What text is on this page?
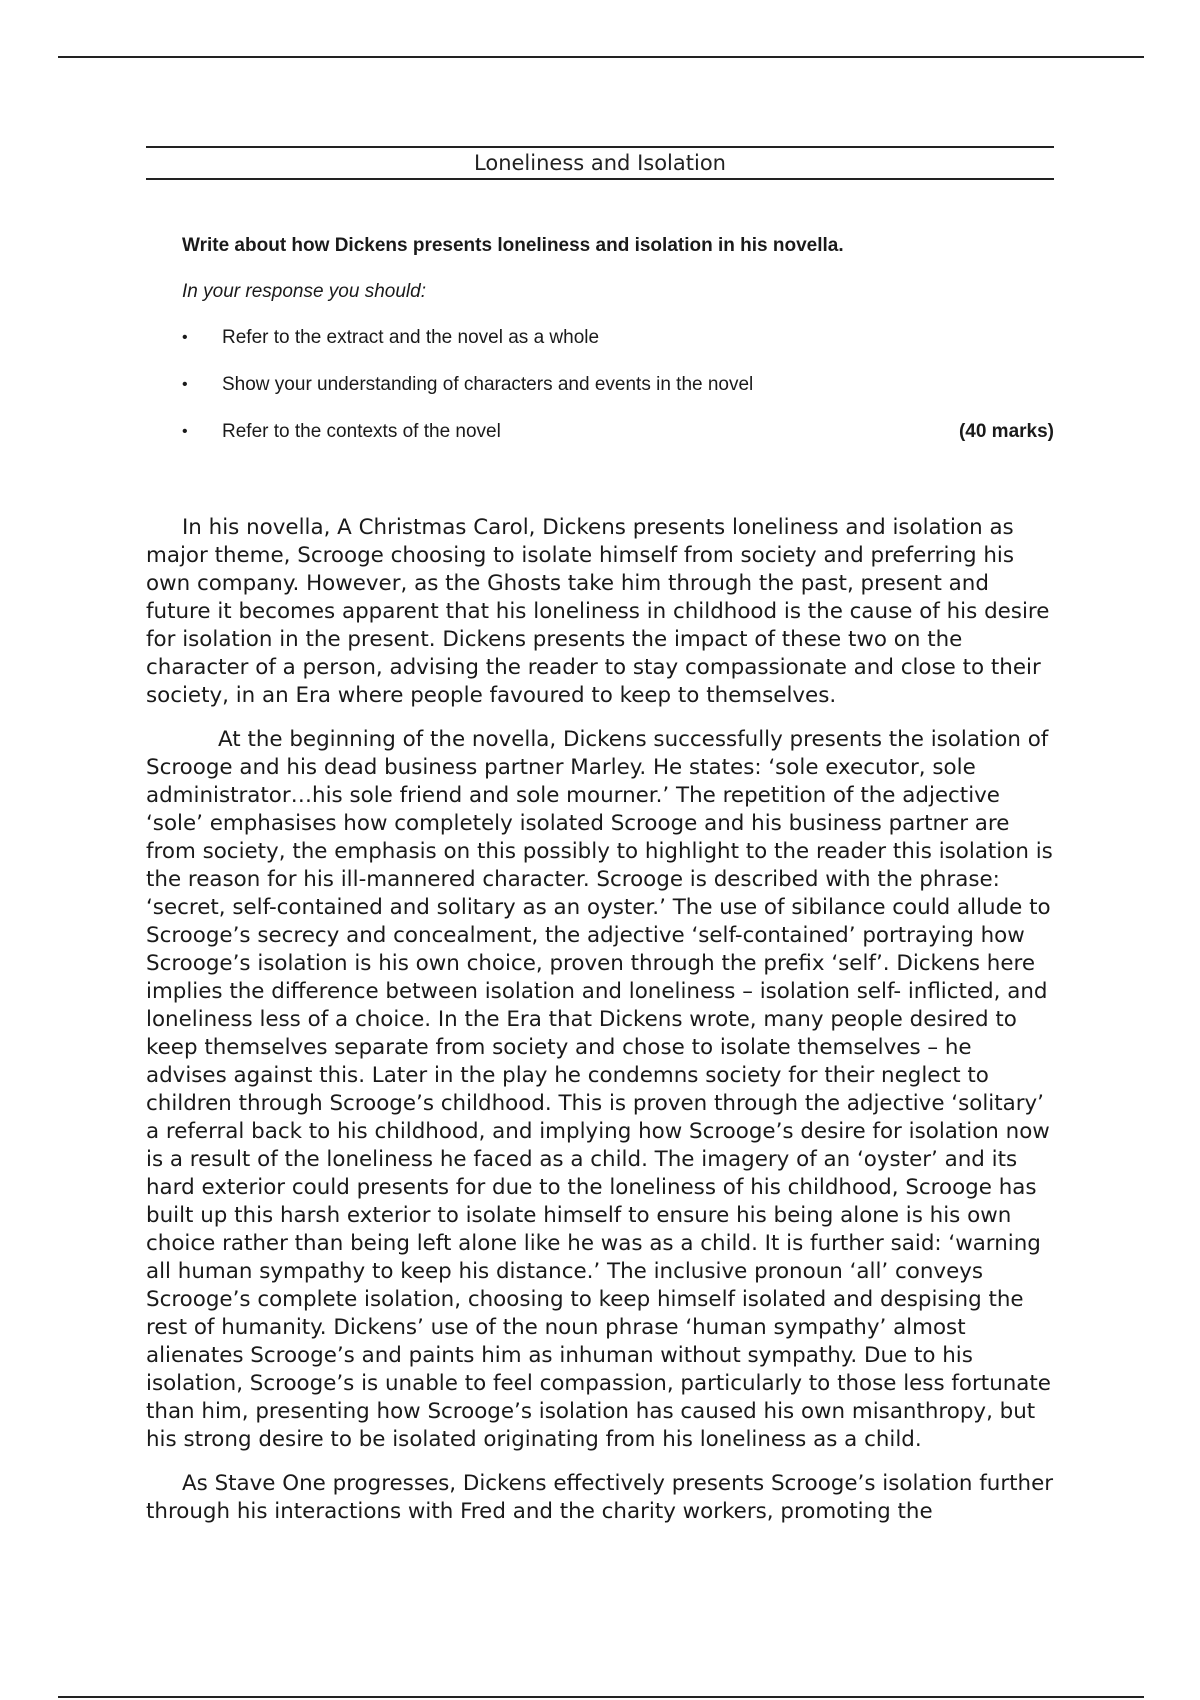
Loneliness and Isolation

Write about how Dickens presents loneliness and isolation in his novella.

In your response you should:

• Refer to the extract and the novel as a whole
• Show your understanding of characters and events in the novel
• Refer to the contexts of the novel	(40 marks)

In his novella, A Christmas Carol, Dickens presents loneliness and isolation as major theme, Scrooge choosing to isolate himself from society and preferring his own company. However, as the Ghosts take him through the past, present and future it becomes apparent that his loneliness in childhood is the cause of his desire for isolation in the present. Dickens presents the impact of these two on the character of a person, advising the reader to stay compassionate and close to their society, in an Era where people favoured to keep to themselves.

At the beginning of the novella, Dickens successfully presents the isolation of Scrooge and his dead business partner Marley. He states: ‘sole executor, sole administrator…his sole friend and sole mourner.’ The repetition of the adjective ‘sole’ emphasises how completely isolated Scrooge and his business partner are from society, the emphasis on this possibly to highlight to the reader this isolation is the reason for his ill-mannered character. Scrooge is described with the phrase: ‘secret, self-contained and solitary as an oyster.’ The use of sibilance could allude to Scrooge’s secrecy and concealment, the adjective ‘self-contained’ portraying how Scrooge’s isolation is his own choice, proven through the prefix ‘self’. Dickens here implies the difference between isolation and loneliness – isolation self- inflicted, and loneliness less of a choice. In the Era that Dickens wrote, many people desired to keep themselves separate from society and chose to isolate themselves – he advises against this. Later in the play he condemns society for their neglect to children through Scrooge’s childhood. This is proven through the adjective ‘solitary’ a referral back to his childhood, and implying how Scrooge’s desire for isolation now is a result of the loneliness he faced as a child. The imagery of an ‘oyster’ and its hard exterior could presents for due to the loneliness of his childhood, Scrooge has built up this harsh exterior to isolate himself to ensure his being alone is his own choice rather than being left alone like he was as a child. It is further said: ‘warning all human sympathy to keep his distance.’ The inclusive pronoun ‘all’ conveys Scrooge’s complete isolation, choosing to keep himself isolated and despising the rest of humanity. Dickens’ use of the noun phrase ‘human sympathy’ almost alienates Scrooge’s and paints him as inhuman without sympathy. Due to his isolation, Scrooge’s is unable to feel compassion, particularly to those less fortunate than him, presenting how Scrooge’s isolation has caused his own misanthropy, but his strong desire to be isolated originating from his loneliness as a child.

As Stave One progresses, Dickens effectively presents Scrooge’s isolation further through his interactions with Fred and the charity workers, promoting the
